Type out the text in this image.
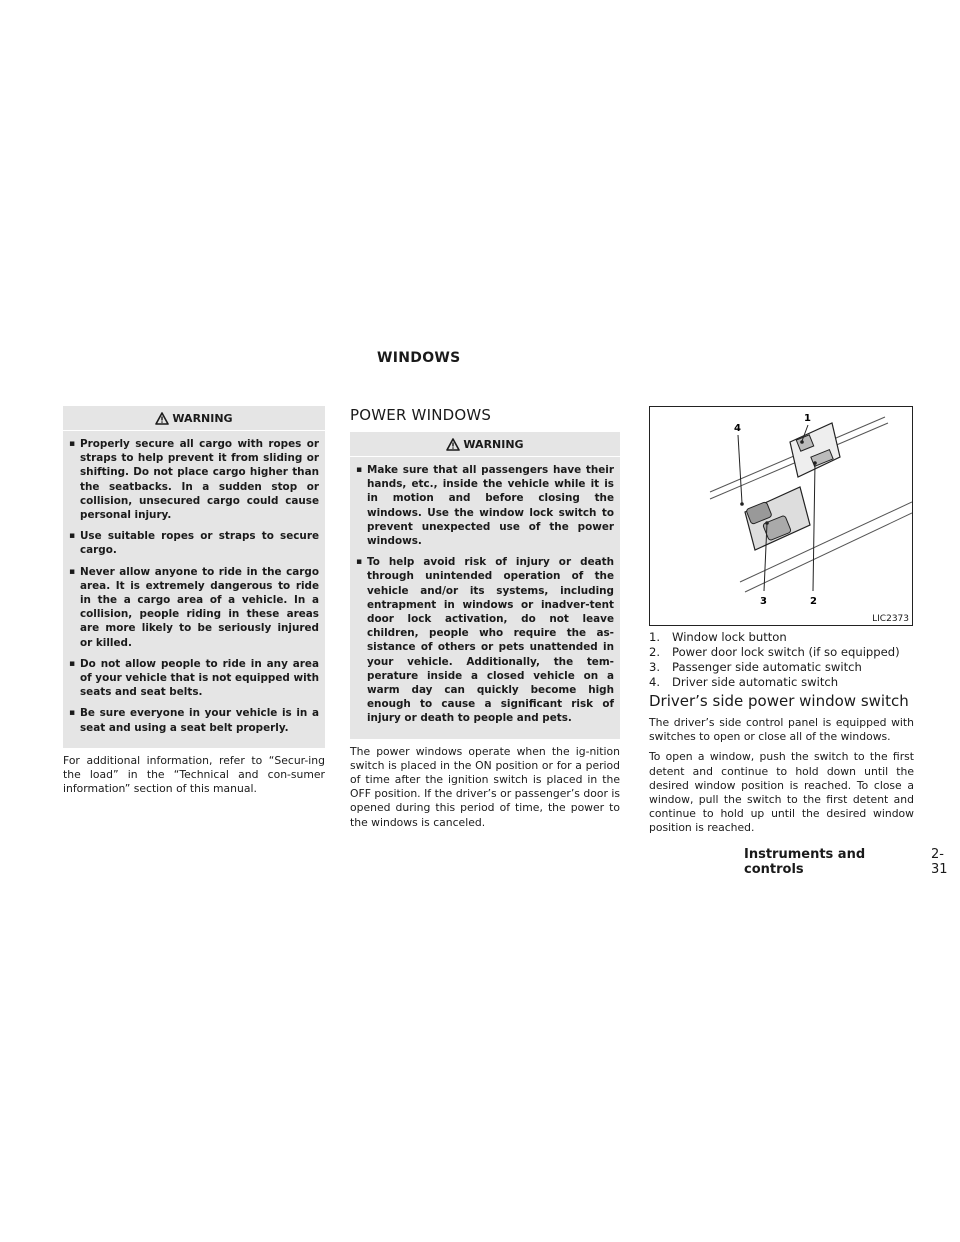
WINDOWS
WARNING
▪ Properly secure all cargo with ropes or straps to help prevent it from sliding or shifting. Do not place cargo higher than the seatbacks. In a sudden stop or collision, unsecured cargo could cause personal injury.
▪ Use suitable ropes or straps to secure cargo.
▪ Never allow anyone to ride in the cargo area. It is extremely dangerous to ride in the a cargo area of a vehicle. In a collision, people riding in these areas are more likely to be seriously injured or killed.
▪ Do not allow people to ride in any area of your vehicle that is not equipped with seats and seat belts.
▪ Be sure everyone in your vehicle is in a seat and using a seat belt properly.

For additional information, refer to “Secur-ing the load” in the “Technical and con-sumer information” section of this manual.

POWER WINDOWS
WARNING
▪ Make sure that all passengers have their hands, etc., inside the vehicle while it is in motion and before closing the windows. Use the window lock switch to prevent unexpected use of the power windows.
▪ To help avoid risk of injury or death through unintended operation of the vehicle and/or its systems, including entrapment in windows or inadver-tent door lock activation, do not leave children, people who require the as-sistance of others or pets unattended in your vehicle. Additionally, the tem-perature inside a closed vehicle on a warm day can quickly become high enough to cause a significant risk of injury or death to people and pets.

The power windows operate when the ig-nition switch is placed in the ON position or for a period of time after the ignition switch is placed in the OFF position. If the driver’s or passenger’s door is opened during this period of time, the power to the windows is canceled.

4
1
2
3
LIC2373
1.	Window lock button
2.	Power door lock switch (if so equipped)
3.	Passenger side automatic switch
4.	Driver side automatic switch
Driver’s side power window switch

The driver’s side control panel is equipped with switches to open or close all of the windows.

To open a window, push the switch to the first detent and continue to hold down until the desired window position is reached. To close a window, pull the switch to the first detent and continue to hold up until the desired window position is reached.

Instruments and controls
2-31
